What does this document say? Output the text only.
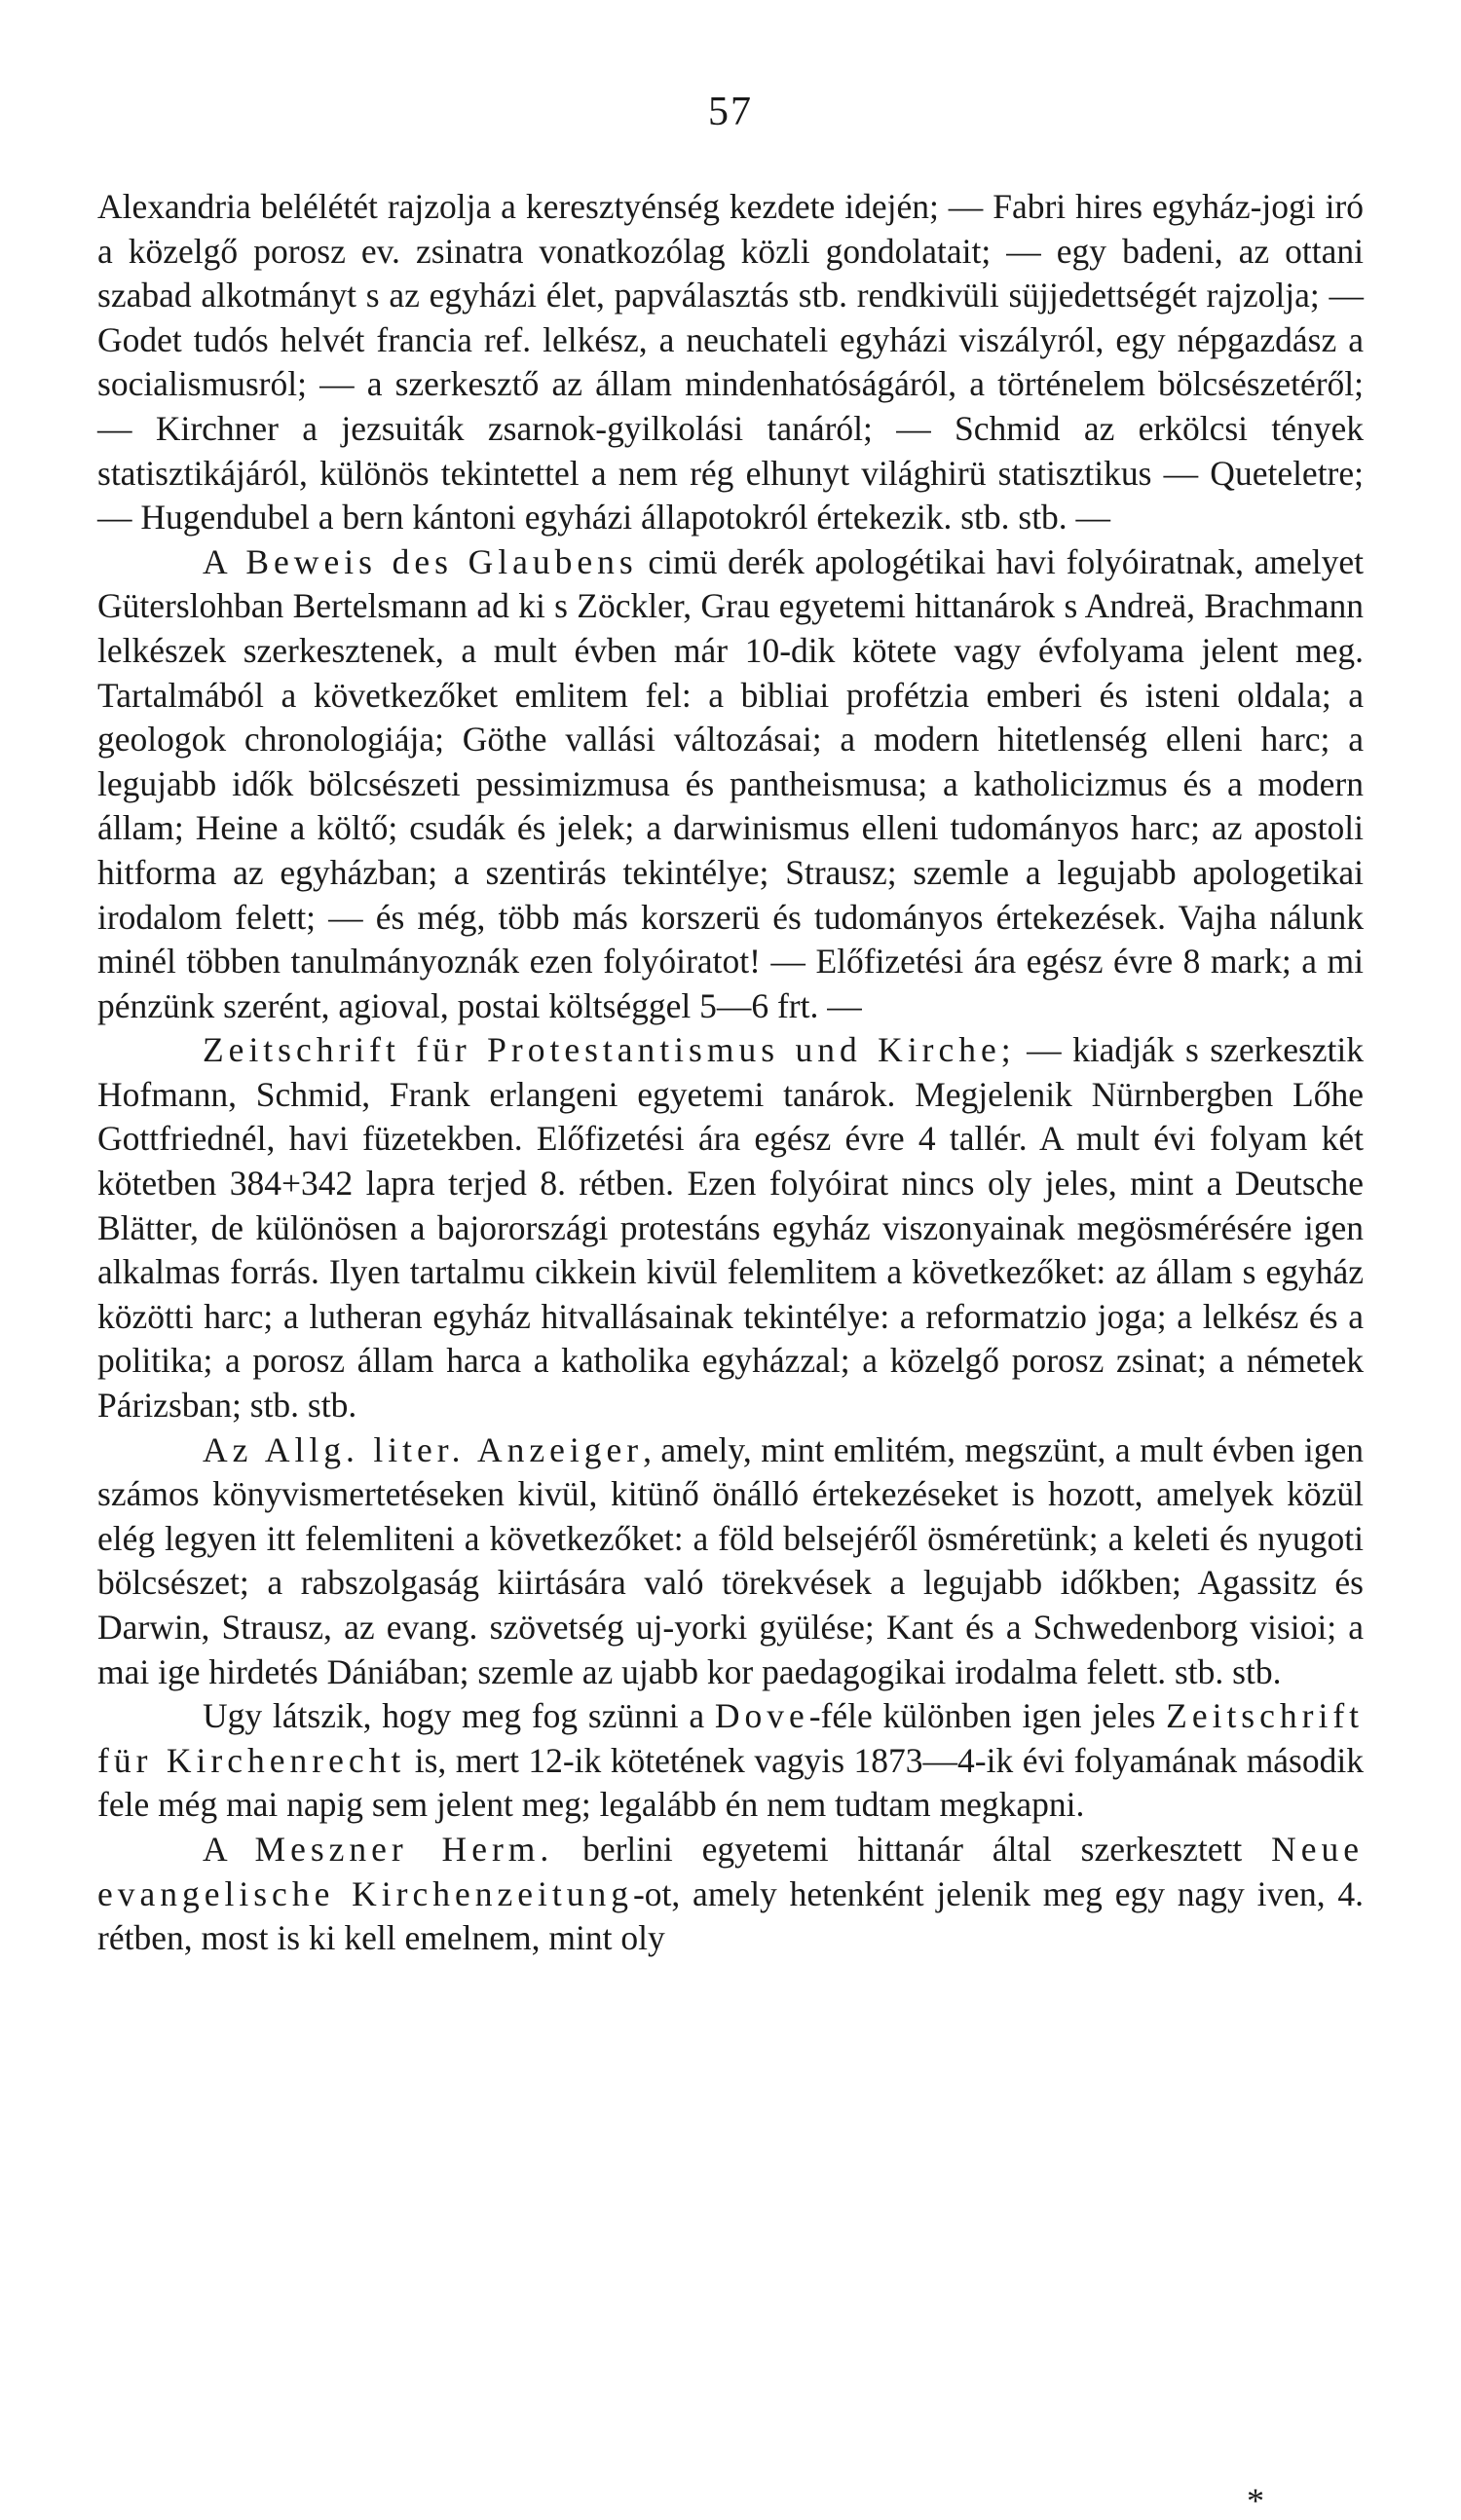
57

Alexandria belélétét rajzolja a keresztyénség kezdete idején; — Fabri hires egyház-jogi iró a közelgő porosz ev. zsinatra vonatkozólag közli gondolatait; — egy badeni, az ottani szabad alkotmányt s az egyházi élet, papválasztás stb. rendkivüli süjjedettségét rajzolja; — Godet tudós helvét francia ref. lelkész, a neuchateli egyházi viszályról, egy népgazdász a socialismusról; — a szerkesztő az állam mindenhatóságáról, a történelem bölcsészetéről; — Kirchner a jezsuiták zsarnok-gyilkolási tanáról; — Schmid az erkölcsi tények statisztikájáról, különös tekintettel a nem rég elhunyt világhirü statisztikus — Queteletre; — Hugendubel a bern kántoni egyházi állapotokról értekezik. stb. stb. —

A Beweis des Glaubens cimü derék apologétikai havi folyóiratnak, amelyet Güterslohban Bertelsmann ad ki s Zöckler, Grau egyetemi hittanárok s Andreä, Brachmann lelkészek szerkesztenek, a mult évben már 10-dik kötete vagy évfolyama jelent meg. Tartalmából a következőket emlitem fel: a bibliai profétzia emberi és isteni oldala; a geologok chronologiája; Göthe vallási változásai; a modern hitetlenség elleni harc; a legujabb idők bölcsészeti pessimizmusa és pantheismusa; a katholicizmus és a modern állam; Heine a költő; csudák és jelek; a darwinismus elleni tudományos harc; az apostoli hitforma az egyházban; a szentirás tekintélye; Strausz; szemle a legujabb apologetikai irodalom felett; — és még, több más korszerü és tudományos értekezések. Vajha nálunk minél többen tanulmányoznák ezen folyóiratot! — Előfizetési ára egész évre 8 mark; a mi pénzünk szerént, agioval, postai költséggel 5—6 frt. —

Zeitschrift für Protestantismus und Kirche; — kiadják s szerkesztik Hofmann, Schmid, Frank erlangeni egyetemi tanárok. Megjelenik Nürnbergben Lőhe Gottfriednél, havi füzetekben. Előfizetési ára egész évre 4 tallér. A mult évi folyam két kötetben 384+342 lapra terjed 8. rétben. Ezen folyóirat nincs oly jeles, mint a Deutsche Blätter, de különösen a bajorországi protestáns egyház viszonyainak megösmérésére igen alkalmas forrás. Ilyen tartalmu cikkein kivül felemlitem a következőket: az állam s egyház közötti harc; a lutheran egyház hitvallásainak tekintélye: a reformatzio joga; a lelkész és a politika; a porosz állam harca a katholika egyházzal; a közelgő porosz zsinat; a németek Párizsban; stb. stb.

Az Allg. liter. Anzeiger, amely, mint emlitém, megszünt, a mult évben igen számos könyvismertetéseken kivül, kitünő önálló értekezéseket is hozott, amelyek közül elég legyen itt felemliteni a következőket: a föld belsejéről ösméretünk; a keleti és nyugoti bölcsészet; a rabszolgaság kiirtására való törekvések a legujabb időkben; Agassitz és Darwin, Strausz, az evang. szövetség uj-yorki gyülése; Kant és a Schwedenborg visioi; a mai ige hirdetés Dániában; szemle az ujabb kor paedagogikai irodalma felett. stb. stb.

Ugy látszik, hogy meg fog szünni a Dove-féle különben igen jeles Zeitschrift für Kirchenrecht is, mert 12-ik kötetének vagyis 1873—4-ik évi folyamának második fele még mai napig sem jelent meg; legalább én nem tudtam megkapni.

A Meszner Herm. berlini egyetemi hittanár által szerkesztett Neue evangelische Kirchenzeitung-ot, amely hetenként jelenik meg egy nagy iven, 4. rétben, most is ki kell emelnem, mint oly

*
